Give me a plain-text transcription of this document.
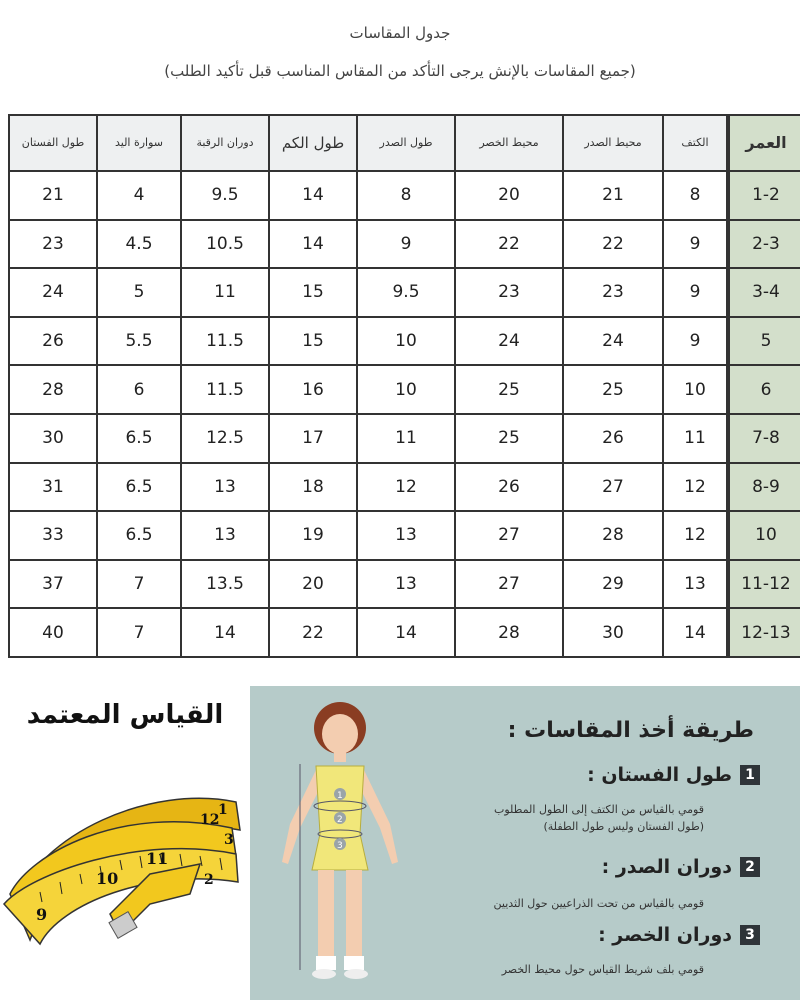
جدول المقاسات
(جميع المقاسات بالإنش يرجى التأكد من المقاس المناسب قبل تأكيد الطلب)
العمر	الكتف	محيط الصدر	محيط الخصر	طول الصدر	طول الكم	دوران الرقبة	سوارة اليد	طول الفستان
1-2	8	21	20	8	14	9.5	4	21
2-3	9	22	22	9	14	10.5	4.5	23
3-4	9	23	23	9.5	15	11	5	24
5	9	24	24	10	15	11.5	5.5	26
6	10	25	25	10	16	11.5	6	28
7-8	11	26	25	11	17	12.5	6.5	30
8-9	12	27	26	12	18	13	6.5	31
10	12	28	27	13	19	13	6.5	33
11-12	13	29	27	13	20	13.5	7	37
12-13	14	30	28	14	22	14	7	40
القياس المعتمد
9
10
11
12
1
2
3
1
2
3
طريقة أخذ المقاسات :
1
طول الفستان :
قومي بالقياس من الكتف إلى الطول المطلوب
(طول الفستان وليس طول الطفلة)
2
دوران الصدر :
قومي بالقياس من تحت الذراعيين حول الثديين
3
دوران الخصر :
قومي بلف شريط القياس حول محيط الخصر
